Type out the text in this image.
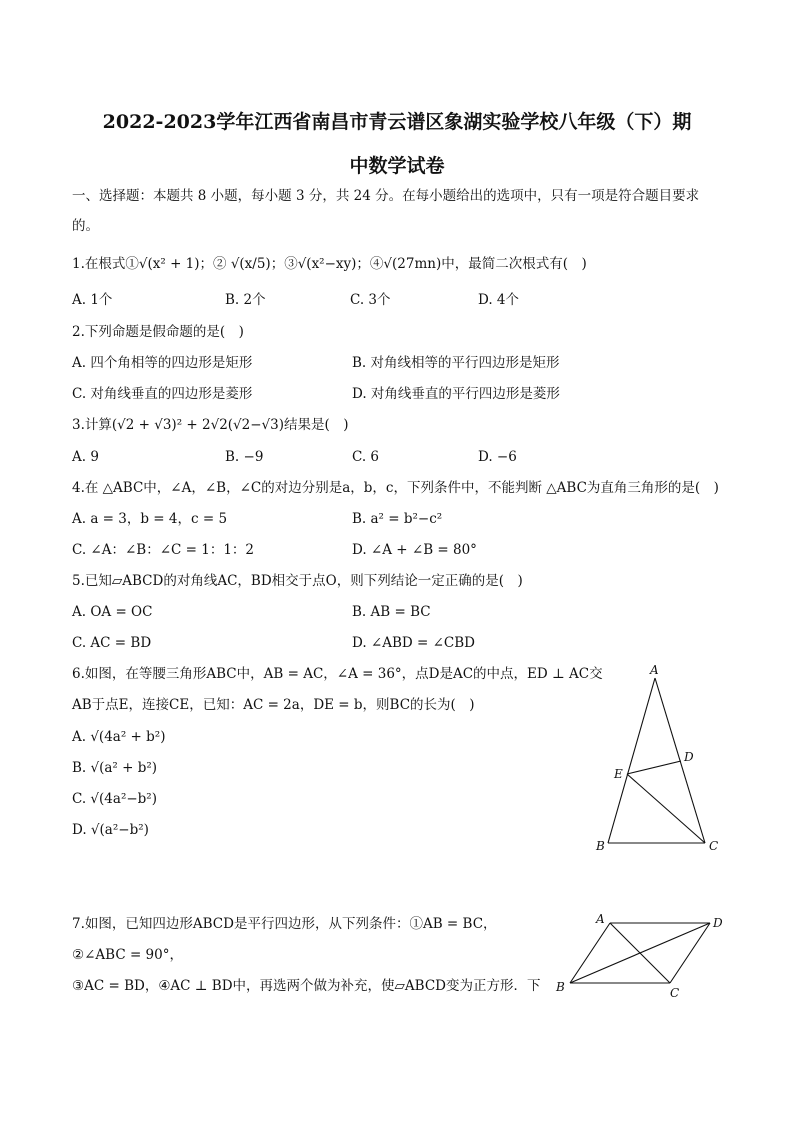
2022-2023学年江西省南昌市青云谱区象湖实验学校八年级（下）期
中数学试卷
一、选择题：本题共 8 小题，每小题 3 分，共 24 分。在每小题给出的选项中，只有一项是符合题目要求
的。
1.在根式①√(x² + 1)；② √(x/5)；③√(x²−xy)；④√(27mn)中，最简二次根式有(　)
A. 1个	B. 2个	C. 3个	D. 4个
2.下列命题是假命题的是(　)
A. 四个角相等的四边形是矩形	B. 对角线相等的平行四边形是矩形
C. 对角线垂直的四边形是菱形	D. 对角线垂直的平行四边形是菱形
3.计算(√2 + √3)² + 2√2(√2−√3)结果是(　)
A. 9	B. −9	C. 6	D. −6
4.在 △ABC中，∠A，∠B，∠C的对边分别是a，b，c，下列条件中，不能判断 △ABC为直角三角形的是(　)
A. a = 3，b = 4，c = 5	B. a² = b²−c²
C. ∠A：∠B：∠C = 1：1：2	D. ∠A + ∠B = 80°
5.已知▱ABCD的对角线AC，BD相交于点O，则下列结论一定正确的是(　)
A. OA = OC	B. AB = BC
C. AC = BD	D. ∠ABD = ∠CBD
6.如图，在等腰三角形ABC中，AB = AC，∠A = 36°，点D是AC的中点，ED ⊥ AC交
AB于点E，连接CE，已知：AC = 2a，DE = b，则BC的长为(　)
A. √(4a² + b²)
B. √(a² + b²)
C. √(4a²−b²)
D. √(a²−b²)
A
D
E
B	C
7.如图，已知四边形ABCD是平行四边形，从下列条件：①AB = BC，
②∠ABC = 90°，
③AC = BD，④AC ⊥ BD中，再选两个做为补充，使▱ABCD变为正方形．下
A	D
B	C
